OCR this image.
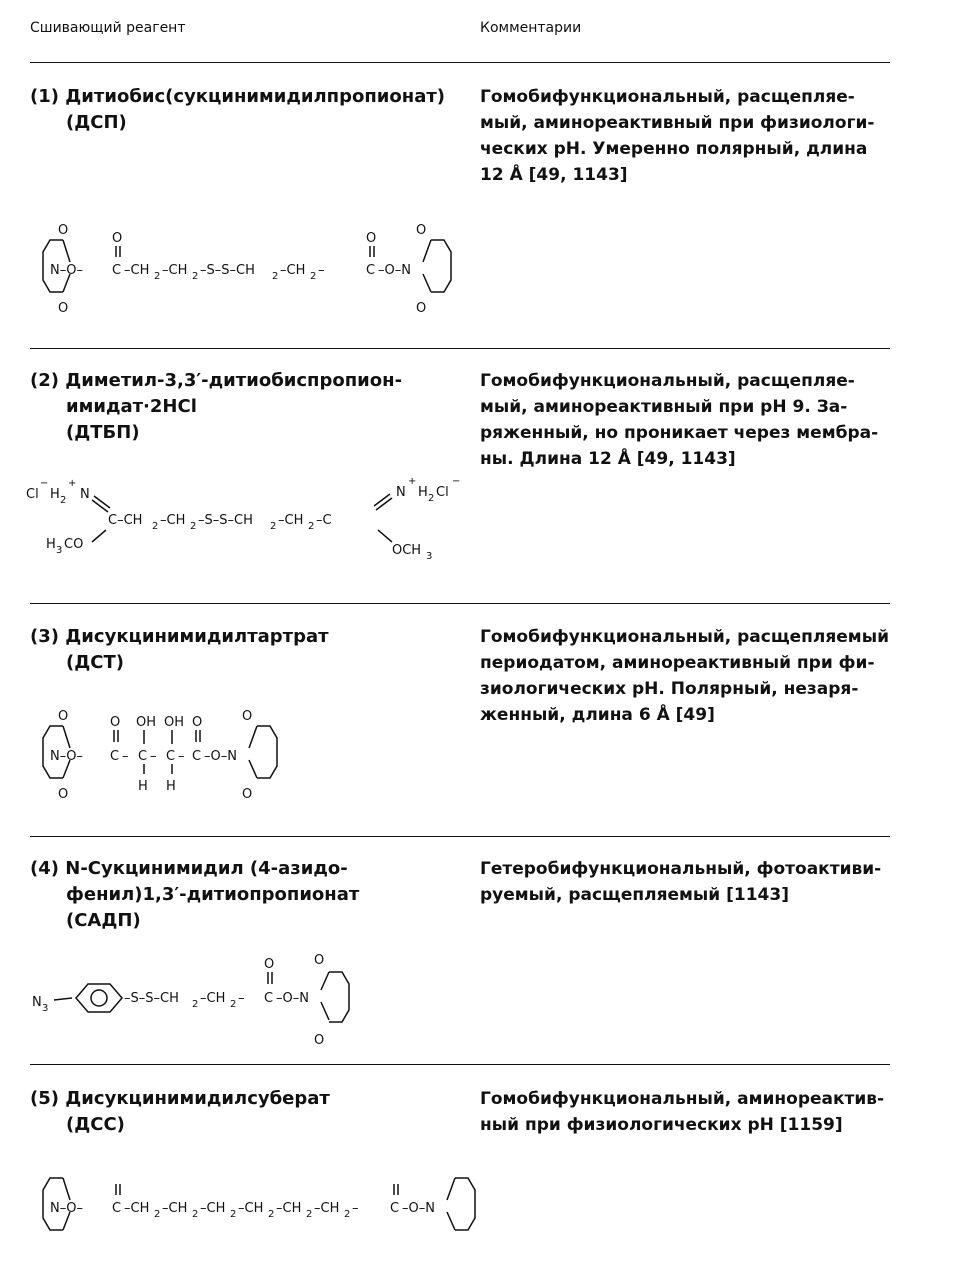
Сшивающий реагент	Комментарии
(1) Дитиобис(сукцинимидилпропионат)
(ДСП)
Гомобифункциональный, расщепляе-
мый, аминореактивный при физиологи-
ческих pH. Умеренно полярный, длина
12 Å [49, 1143]
O
O
N–O–
O
C –CH 2 –CH 2 –S–S–CH 2 –CH 2 –
O
C –O–N
O
O
(2) Диметил-3,3′-дитиобиспропион-
имидат·2HCl
(ДТБП)
Гомобифункциональный, расщепляе-
мый, аминореактивный при pH 9. За-
ряженный, но проникает через мембра-
ны. Длина 12 Å [49, 1143]
Cl
−
H 2
+
N
C–CH 2 –CH 2 –S–S–CH 2 –CH 2 –C
N
+
H 2 Cl
−
H 3 CO	OCH 3
(3) Дисукцинимидилтартрат
(ДСТ)
Гомобифункциональный, расщепляемый
периодатом, аминореактивный при фи-
зиологических pH. Полярный, незаря-
женный, длина 6 Å [49]
O
O
N–O–
O
C –
OH
C
H
–
OH
C
H
–
O
C –O–N
O
O
(4) N-Сукцинимидил (4-азидо-
фенил)1,3′-дитиопропионат
(САДП)
Гетеробифункциональный, фотоактиви-
руемый, расщепляемый [1143]
N 3
–S–S–CH 2 –CH 2 –
O
C –O–N
O
O
(5) Дисукцинимидилсуберат
(ДСС)
Гомобифункциональный, аминореактив-
ный при физиологических pH [1159]
N–O– C –CH 2 –CH 2 –CH 2 –CH 2 –CH 2 –CH 2 – C –O–N
